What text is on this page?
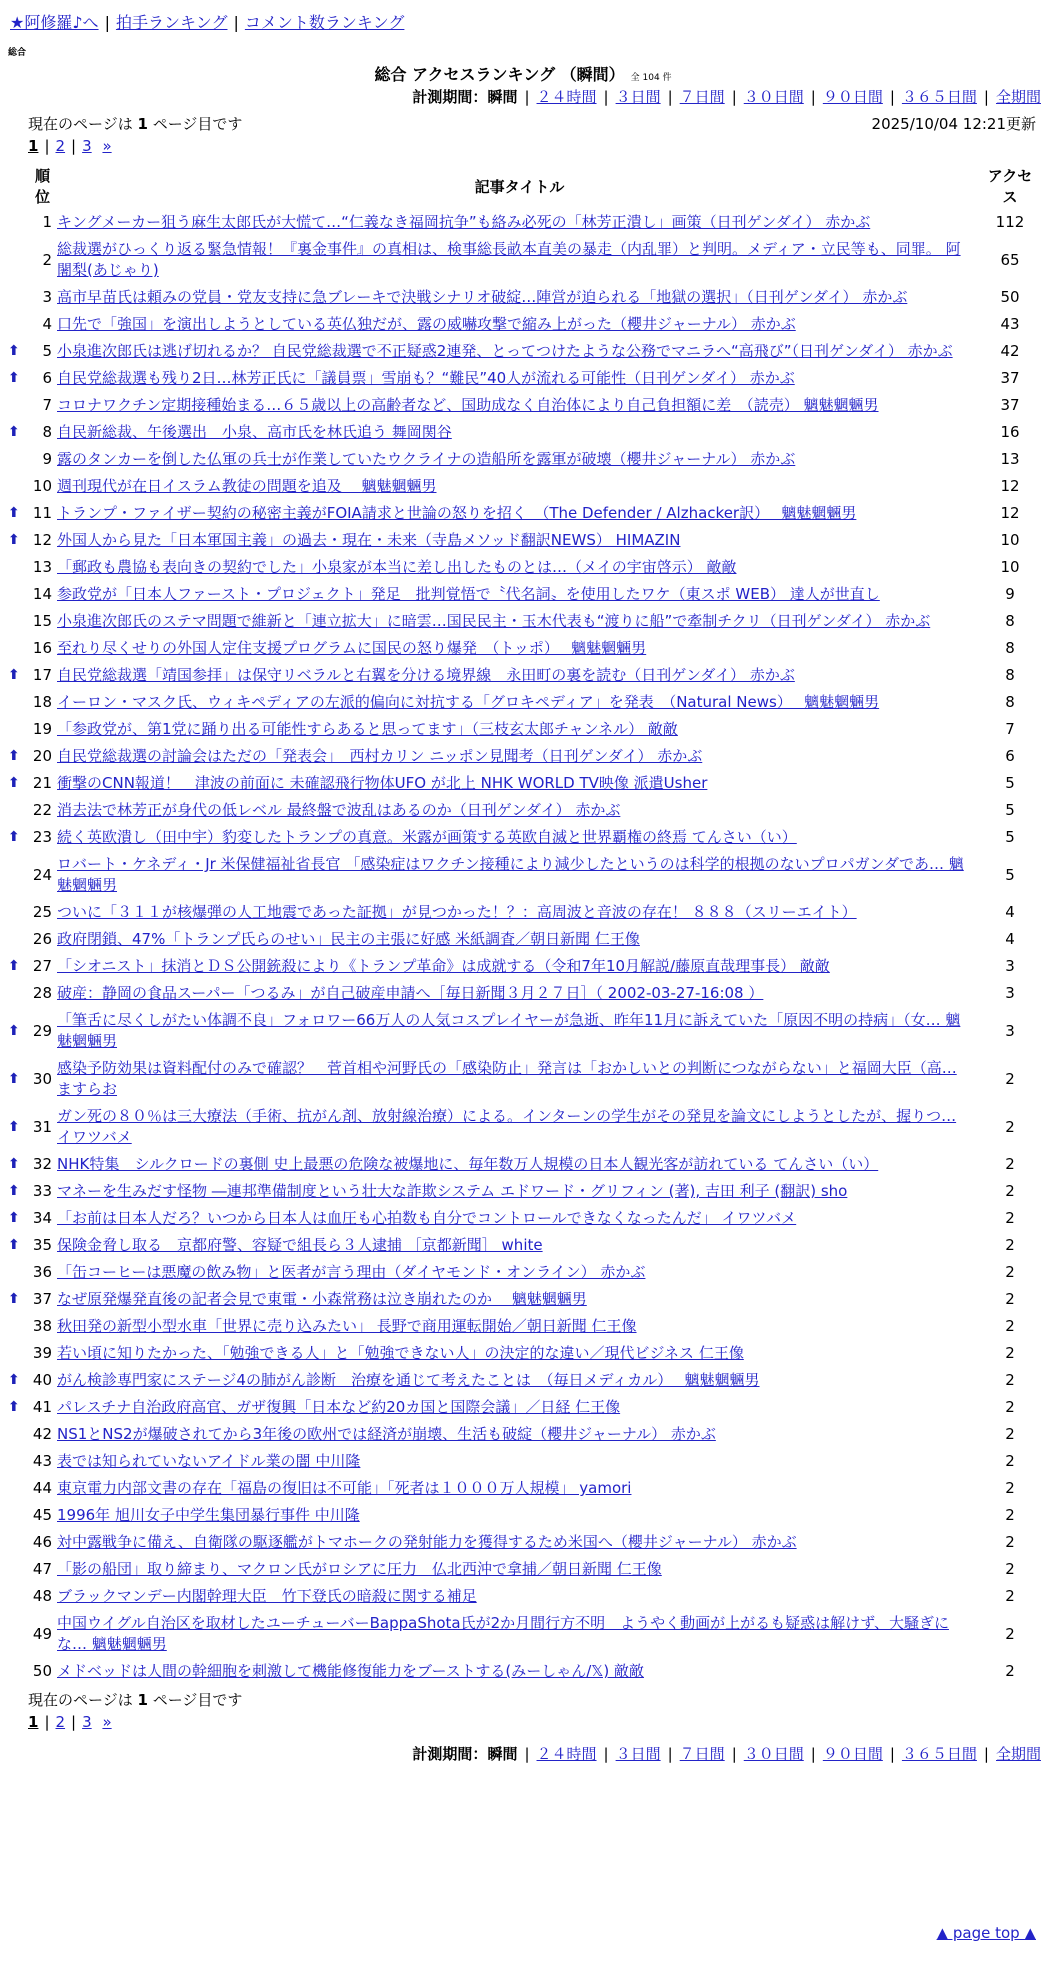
★阿修羅♪へ | 拍手ランキング | コメント数ランキング
総合
総合 アクセスランキング （瞬間） 全 104 件
計測期間：瞬間 | ２４時間 | ３日間 | ７日間 | ３０日間 | ９０日間 | ３６５日間 | 全期間
現在のページは 1 ページ目です	2025/10/04 12:21更新
1 | 2 | 3 »
	順位	記事タイトル	アクセス
	1	キングメーカー狙う麻生太郎氏が大慌て…“仁義なき福岡抗争”も絡み必死の「林芳正潰し」画策（日刊ゲンダイ） 赤かぶ	112
	2	総裁選がひっくり返る緊急情報！『裏金事件』の真相は、検事総長畝本直美の暴走（内乱罪）と判明。メディア・立民等も、同罪。 阿闍梨(あじゃり)	65
	3	高市早苗氏は頼みの党員・党友支持に急ブレーキで決戦シナリオ破綻…陣営が迫られる「地獄の選択」（日刊ゲンダイ） 赤かぶ	50
	4	口先で「強国」を演出しようとしている英仏独だが、露の威嚇攻撃で縮み上がった（櫻井ジャーナル） 赤かぶ	43
⬆	5	小泉進次郎氏は逃げ切れるか？ 自民党総裁選で不正疑惑2連発、とってつけたような公務でマニラへ“高飛び”（日刊ゲンダイ） 赤かぶ	42
⬆	6	自民党総裁選も残り2日…林芳正氏に「議員票」雪崩も？“難民”40人が流れる可能性（日刊ゲンダイ） 赤かぶ	37
	7	コロナワクチン定期接種始まる…６５歳以上の高齢者など、国助成なく自治体により自己負担額に差　（読売） 魑魅魍魎男	37
⬆	8	自民新総裁、午後選出　小泉、高市氏を林氏追う 舞岡関谷	16
	9	露のタンカーを倒した仏軍の兵士が作業していたウクライナの造船所を露軍が破壊（櫻井ジャーナル） 赤かぶ	13
	10	週刊現代が在日イスラム教徒の問題を追及　 魑魅魍魎男	12
⬆	11	トランプ・ファイザー契約の秘密主義がFOIA請求と世論の怒りを招く　（The Defender / Alzhacker訳）　 魑魅魍魎男	12
⬆	12	外国人から見た「日本軍国主義」の過去・現在・未来（寺島メソッド翻訳NEWS） HIMAZIN	10
	13	「郵政も農協も表向きの契約でした」小泉家が本当に差し出したものとは…（メイの宇宙啓示） 敵敵	10
	14	参政党が「日本人ファースト・プロジェクト」発足　批判覚悟で〝代名詞〟を使用したワケ（東スポ WEB） 達人が世直し	9
	15	小泉進次郎氏のステマ問題で維新と「連立拡大」に暗雲…国民民主・玉木代表も“渡りに船”で牽制チクリ（日刊ゲンダイ） 赤かぶ	8
	16	至れり尽くせりの外国人定住支援プログラムに国民の怒り爆発　（トッポ）　 魑魅魍魎男	8
⬆	17	自民党総裁選「靖国参拝」は保守リベラルと右翼を分ける境界線　永田町の裏を読む（日刊ゲンダイ） 赤かぶ	8
	18	イーロン・マスク氏、ウィキペディアの左派的偏向に対抗する「グロキペディア」を発表　（Natural News）　 魑魅魍魎男	8
	19	「参政党が、第1党に踊り出る可能性すらあると思ってます」（三枝玄太郎チャンネル） 敵敵	7
⬆	20	自民党総裁選の討論会はただの「発表会」　西村カリン ニッポン見聞考（日刊ゲンダイ） 赤かぶ	6
⬆	21	衝撃のCNN報道！　津波の前面に 未確認飛行物体UFO が北上 NHK WORLD TV映像 派遣Usher	5
	22	消去法で林芳正が身代の低レベル 最終盤で波乱はあるのか（日刊ゲンダイ） 赤かぶ	5
⬆	23	続く英欧潰し（田中宇）豹変したトランプの真意。米露が画策する英欧自滅と世界覇権の終焉 てんさい（い）	5
	24	ロバート・ケネディ・Jr 米保健福祉省長官 「感染症はワクチン接種により減少したというのは科学的根拠のないプロパガンダであ… 魑魅魍魎男	5
	25	ついに「３１１が核爆弾の人工地震であった証拠」が見つかった！？：高周波と音波の存在！ ８８８（スリーエイト）	4
	26	政府閉鎖、47%「トランプ氏らのせい」民主の主張に好感 米紙調査／朝日新聞 仁王像	4
⬆	27	「シオニスト」抹消とＤＳ公開銃殺により《トランプ革命》は成就する（令和7年10月解説/藤原直哉理事長） 敵敵	3
	28	破産：静岡の食品スーパー「つるみ」が自己破産申請へ［毎日新聞３月２７日］（ 2002-03-27-16:08 ）	3
⬆	29	「筆舌に尽くしがたい体調不良」フォロワー66万人の人気コスプレイヤーが急逝、昨年11月に訴えていた「原因不明の持病」（女… 魑魅魍魎男	3
⬆	30	感染予防効果は資料配付のみで確認？　菅首相や河野氏の「感染防止」発言は「おかしいとの判断につながらない」と福岡大臣（高… ますらお	2
⬆	31	ガン死の８０％は三大療法（手術、抗がん剤、放射線治療）による。インターンの学生がその発見を論文にしようとしたが、握りつ… イワツバメ	2
⬆	32	NHK特集　シルクロードの裏側 史上最悪の危険な被爆地に、毎年数万人規模の日本人観光客が訪れている てんさい（い）	2
⬆	33	マネーを生みだす怪物 ―連邦準備制度という壮大な詐欺システム エドワード・グリフィン (著), 吉田 利子 (翻訳) sho	2
⬆	34	「お前は日本人だろ？いつから日本人は血圧も心拍数も自分でコントロールできなくなったんだ」 イワツバメ	2
⬆	35	保険金脅し取る　京都府警、容疑で組長ら３人逮捕 ［京都新聞］ white	2
	36	「缶コーヒーは悪魔の飲み物」と医者が言う理由（ダイヤモンド・オンライン） 赤かぶ	2
⬆	37	なぜ原発爆発直後の記者会見で東電・小森常務は泣き崩れたのか　 魑魅魍魎男	2
	38	秋田発の新型小型水車「世界に売り込みたい」 長野で商用運転開始／朝日新聞 仁王像	2
	39	若い頃に知りたかった、「勉強できる人」と「勉強できない人」の決定的な違い／現代ビジネス 仁王像	2
⬆	40	がん検診専門家にステージ4の肺がん診断　治療を通じて考えたことは　（毎日メディカル）　 魑魅魍魎男	2
⬆	41	パレスチナ自治政府高官、ガザ復興「日本など約20カ国と国際会議」／日経 仁王像	2
	42	NS1とNS2が爆破されてから3年後の欧州では経済が崩壊、生活も破綻（櫻井ジャーナル） 赤かぶ	2
	43	表では知られていないアイドル業の闇 中川隆	2
	44	東京電力内部文書の存在「福島の復旧は不可能」「死者は１０００万人規模」 yamori	2
	45	1996年 旭川女子中学生集団暴行事件 中川隆	2
	46	対中露戦争に備え、自衛隊の駆逐艦がトマホークの発射能力を獲得するため米国へ（櫻井ジャーナル） 赤かぶ	2
	47	「影の船団」取り締まり、マクロン氏がロシアに圧力　仏北西沖で拿捕／朝日新聞 仁王像	2
	48	ブラックマンデー内閣幹理大臣　竹下登氏の暗殺に関する補足	2
	49	中国ウイグル自治区を取材したユーチューバーBappaShota氏が2か月間行方不明　ようやく動画が上がるも疑惑は解けず、大騒ぎにな… 魑魅魍魎男	2
	50	メドベッドは人間の幹細胞を刺激して機能修復能力をブーストする(みーしゃん/𝕏) 敵敵	2
現在のページは 1 ページ目です
1 | 2 | 3 »
計測期間：瞬間 | ２４時間 | ３日間 | ７日間 | ３０日間 | ９０日間 | ３６５日間 | 全期間
▲ page top ▲
